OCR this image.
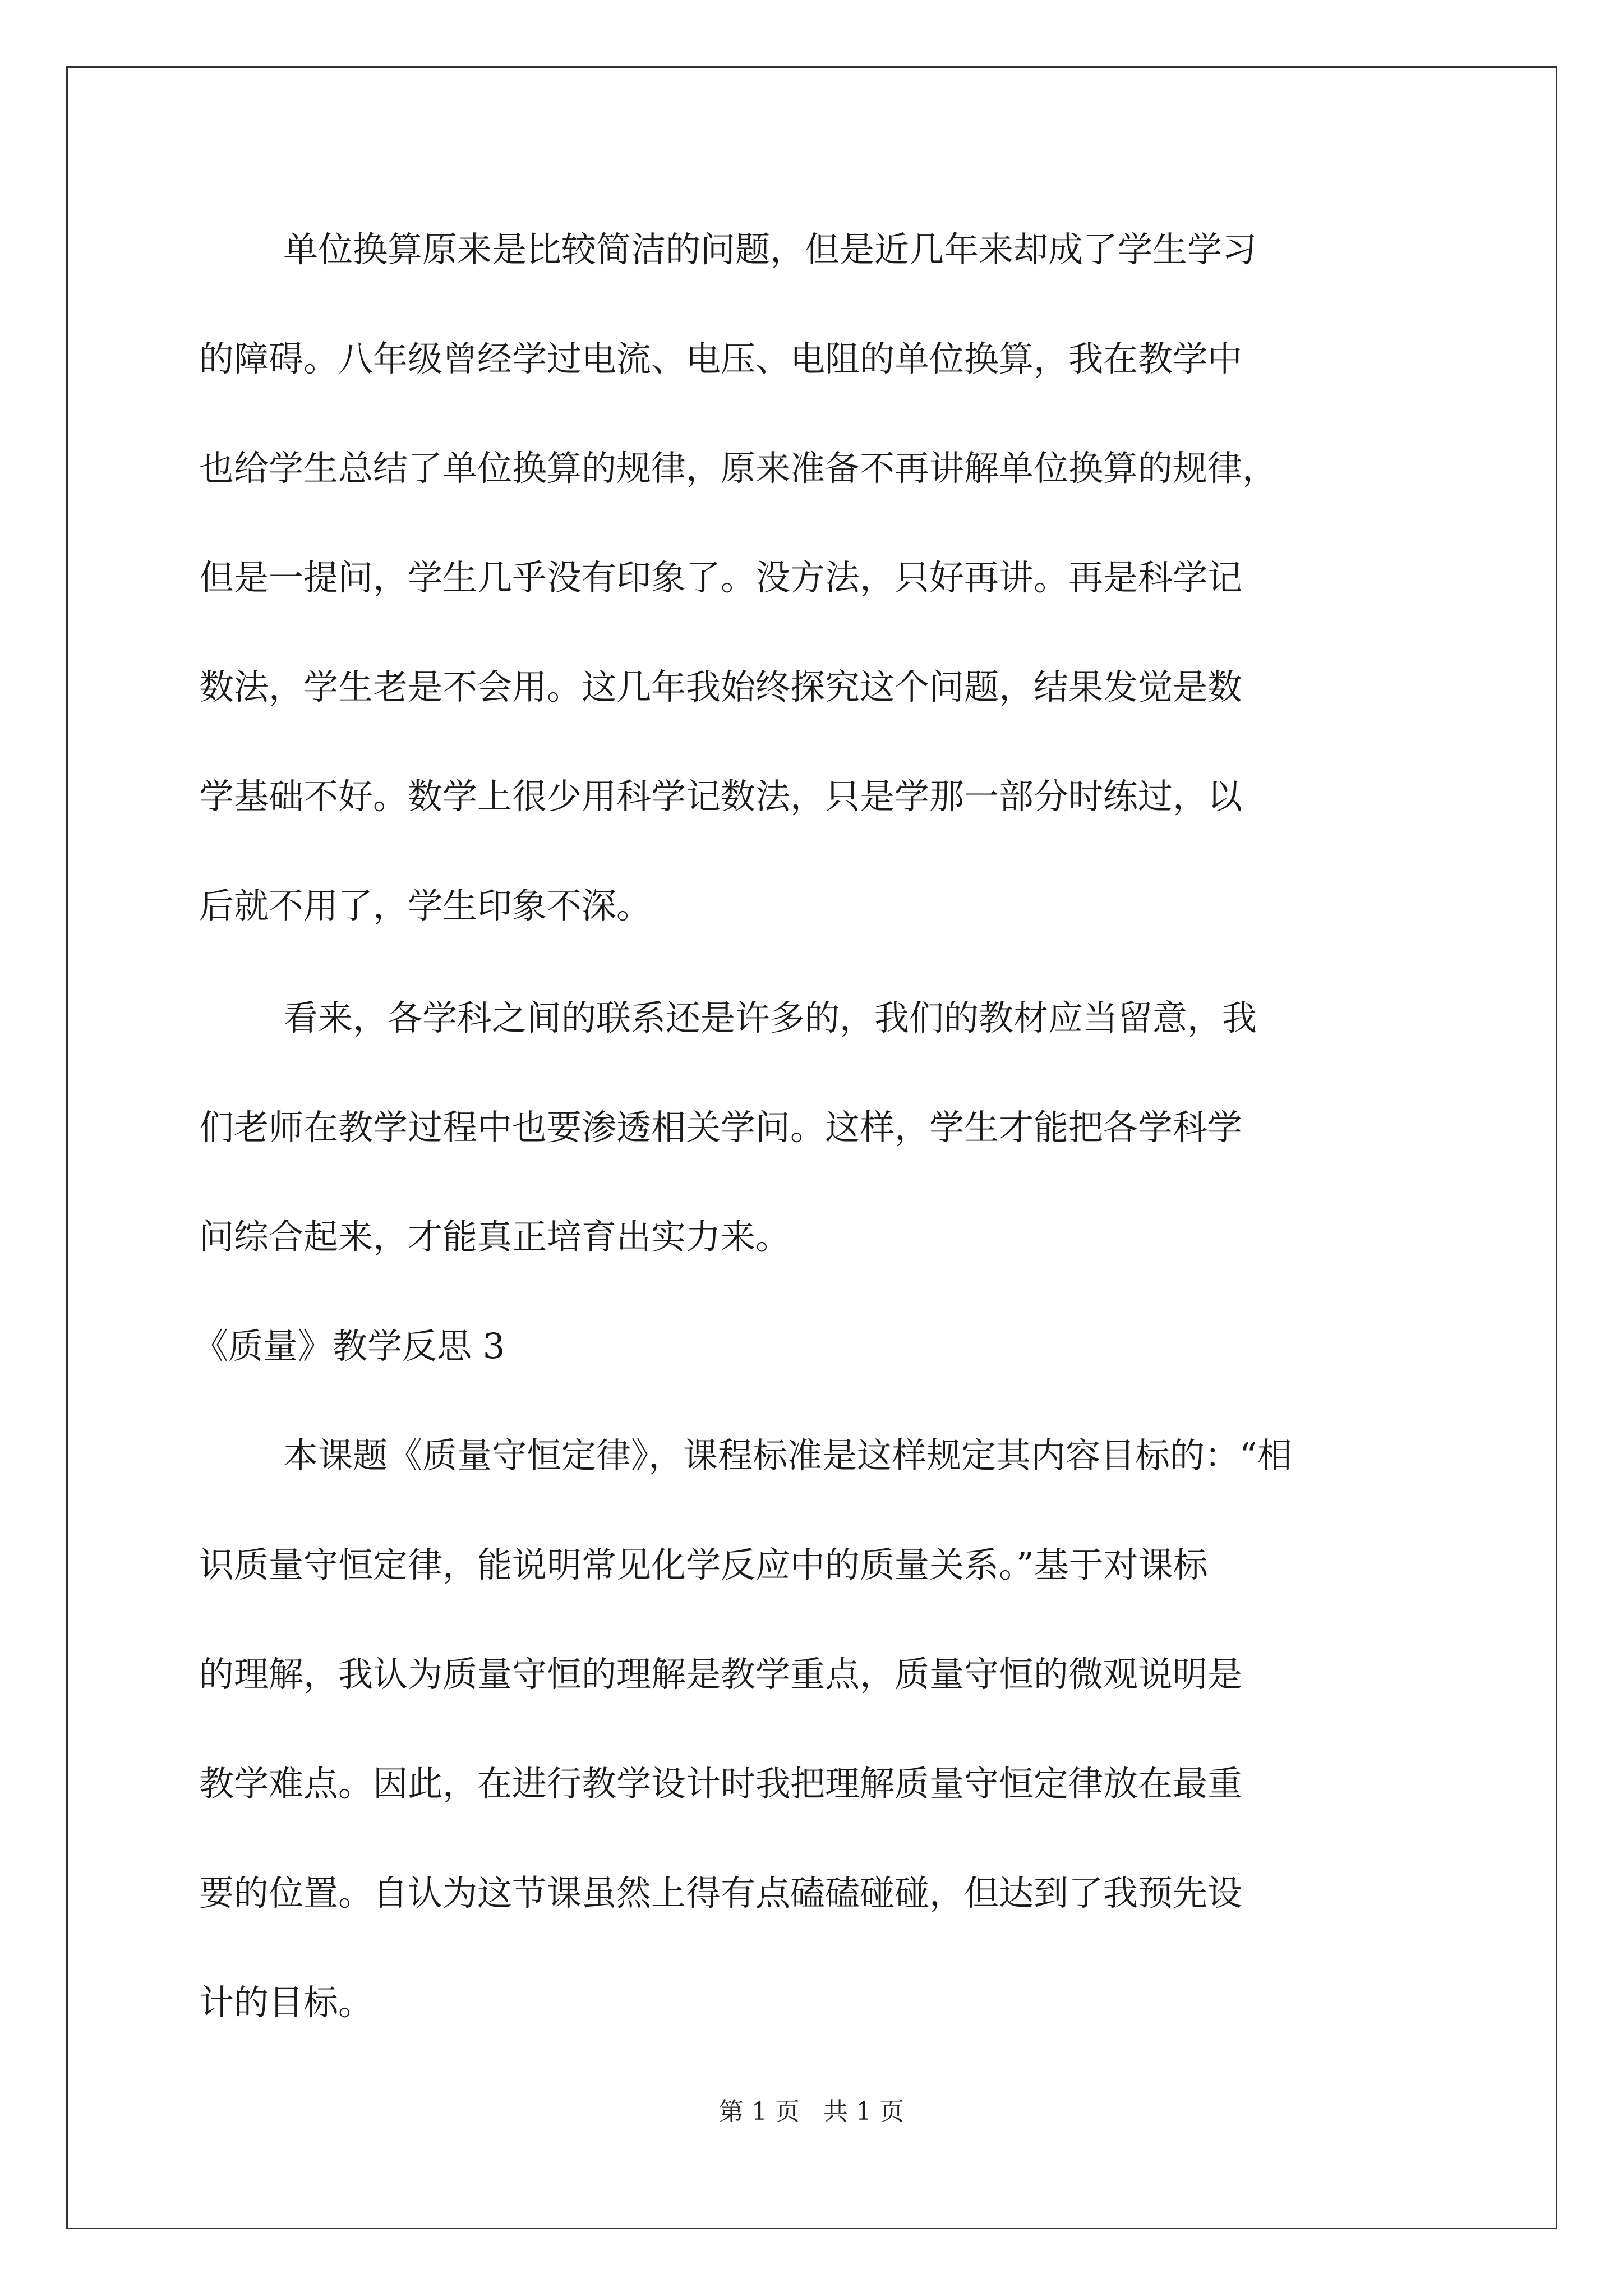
单位换算原来是比较简洁的问题，但是近几年来却成了学生学习
的障碍。八年级曾经学过电流、电压、电阻的单位换算，我在教学中
也给学生总结了单位换算的规律，原来准备不再讲解单位换算的规律，
但是一提问，学生几乎没有印象了。没方法，只好再讲。再是科学记
数法，学生老是不会用。这几年我始终探究这个问题，结果发觉是数
学基础不好。数学上很少用科学记数法，只是学那一部分时练过，以
后就不用了，学生印象不深。
看来，各学科之间的联系还是许多的，我们的教材应当留意，我
们老师在教学过程中也要渗透相关学问。这样，学生才能把各学科学
问综合起来，才能真正培育出实力来。
《质量》教学反思 3
本课题《质量守恒定律》，课程标准是这样规定其内容目标的：“相
识质量守恒定律，能说明常见化学反应中的质量关系。”基于对课标
的理解，我认为质量守恒的理解是教学重点，质量守恒的微观说明是
教学难点。因此，在进行教学设计时我把理解质量守恒定律放在最重
要的位置。自认为这节课虽然上得有点磕磕碰碰，但达到了我预先设
计的目标。
第 1 页 共 1 页
